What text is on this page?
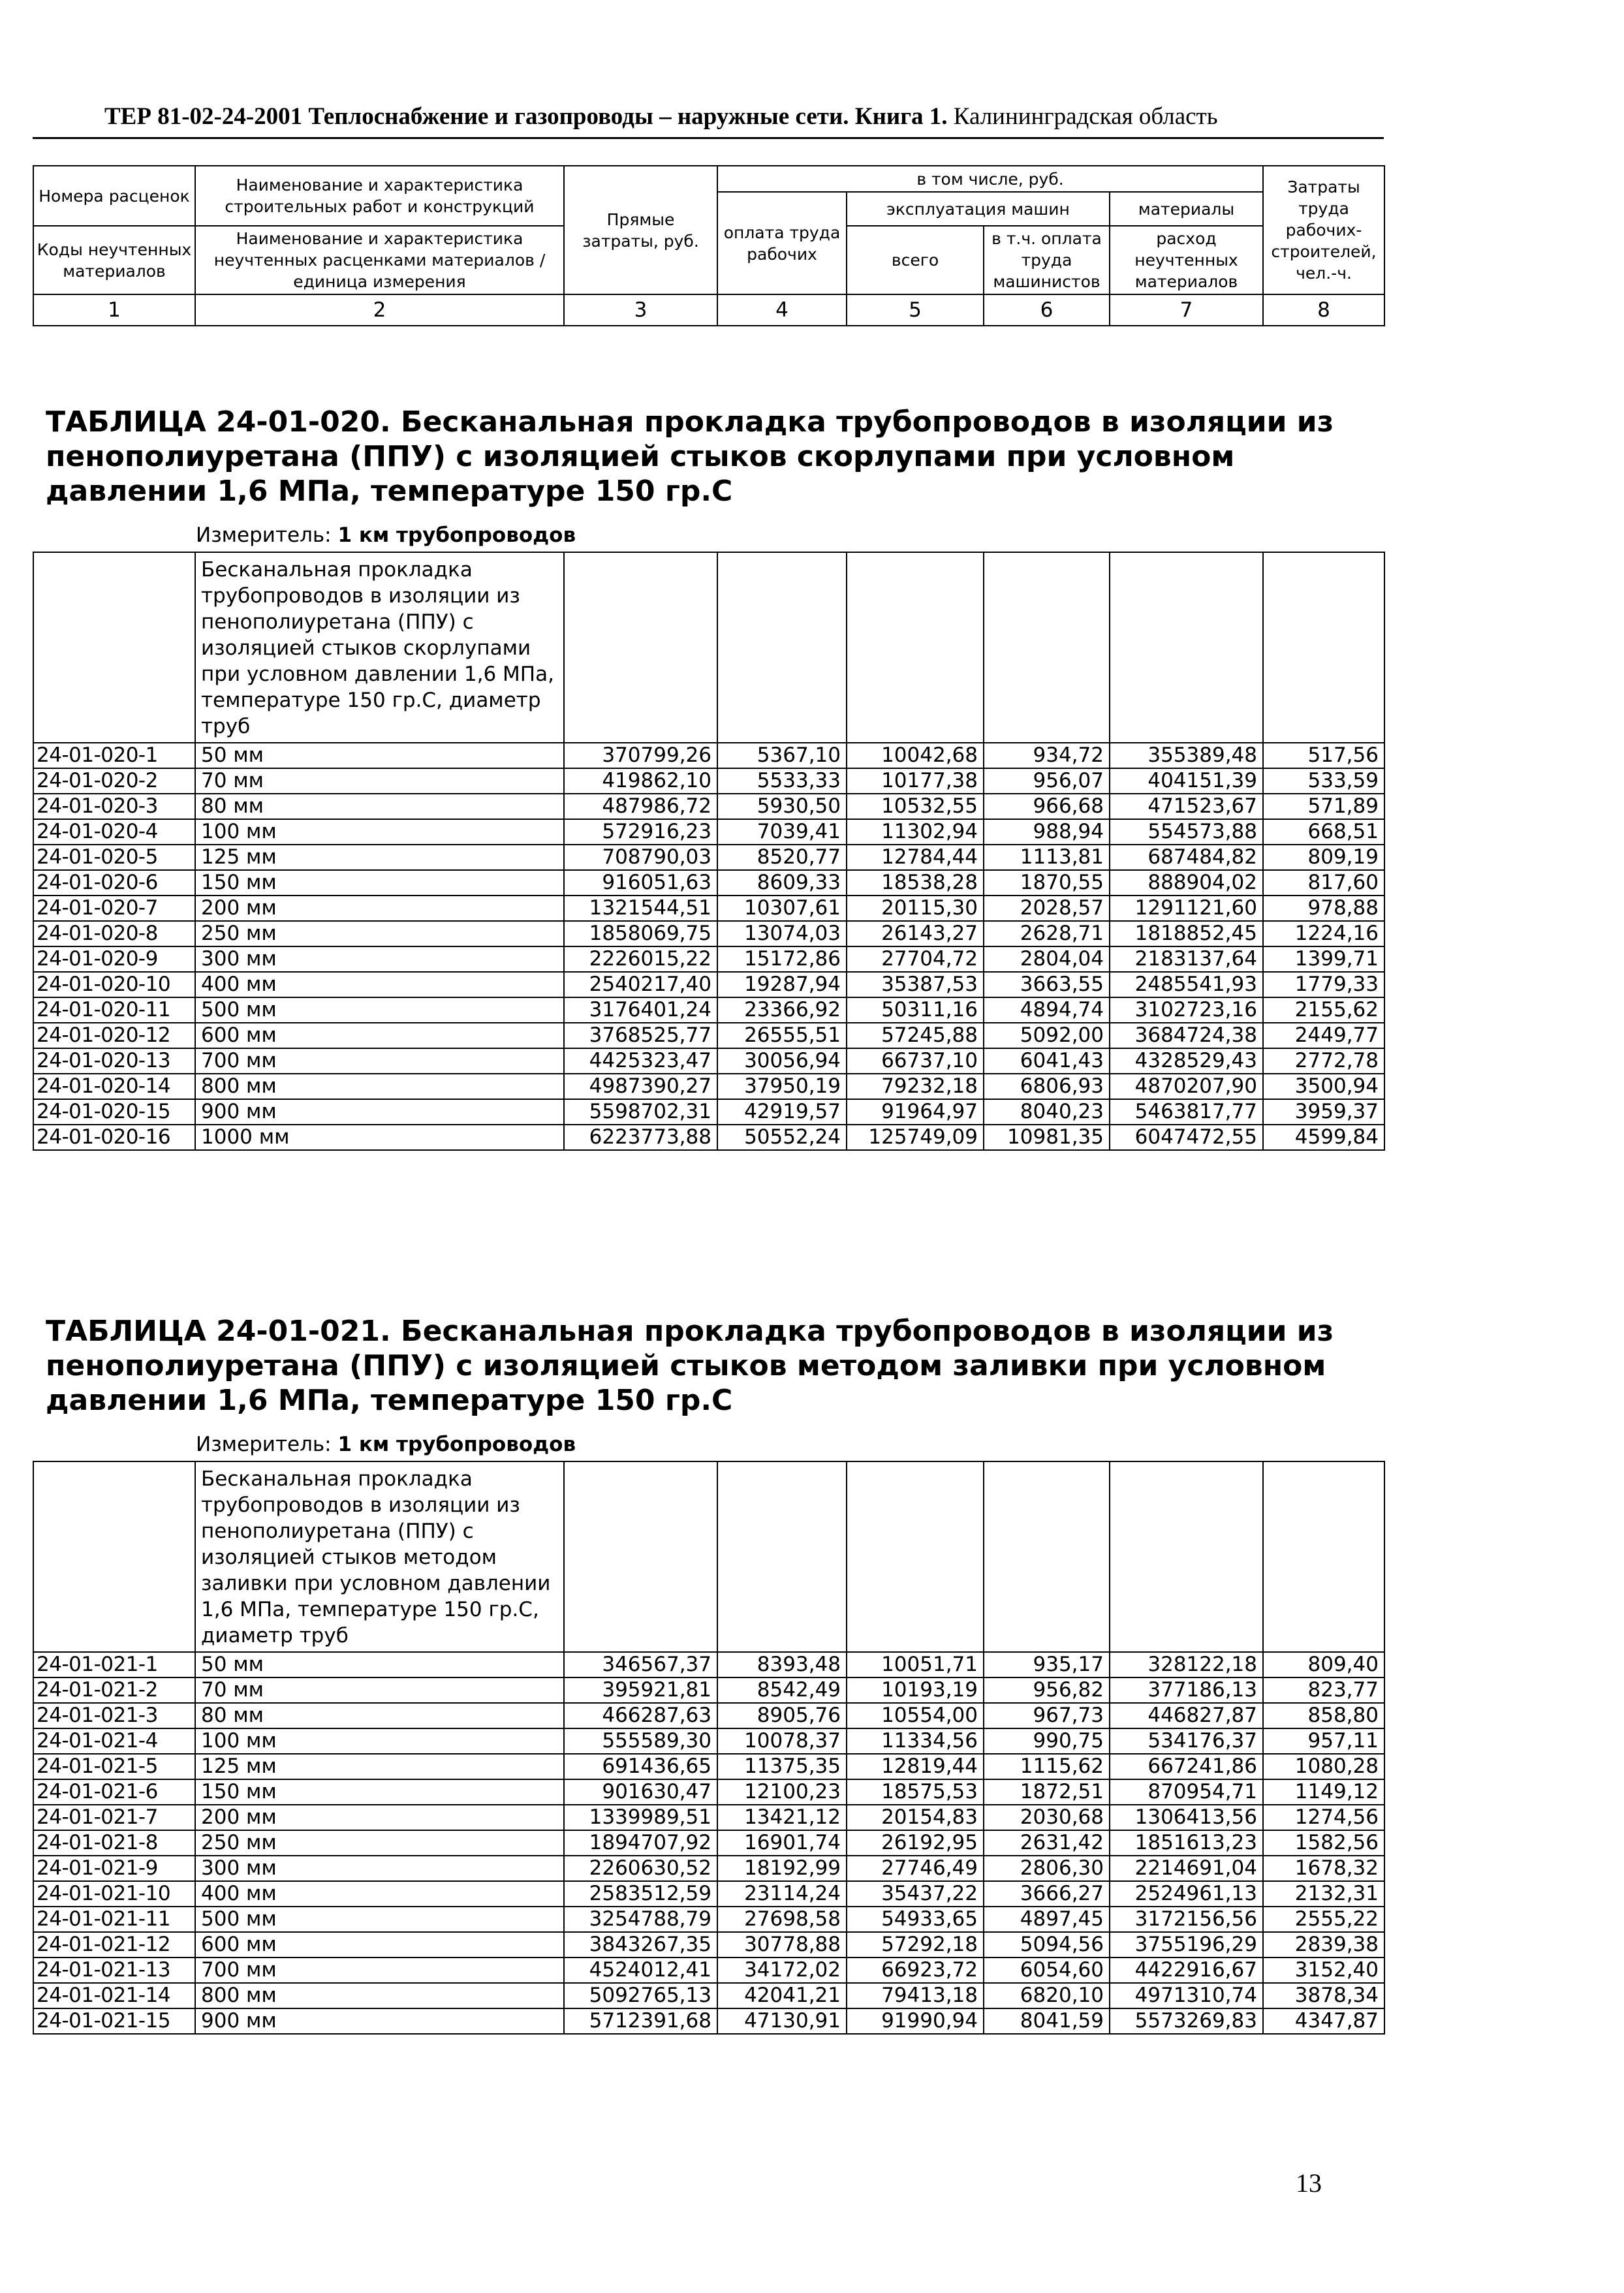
ТЕР 81-02-24-2001 Теплоснабжение и газопроводы – наружные сети. Книга 1. Калининградская область
Номера расценок	Наименование и характеристика строительных работ и конструкций	Прямые затраты, руб.	в том числе, руб.				Затраты труда рабочих-строителей, чел.-ч.
			оплата труда рабочих	эксплуатация машин		материалы	
Коды неучтенных материалов	Наименование и характеристика неучтенных расценками материалов / единица измерения			всего	в т.ч. оплата труда машинистов	расход неучтенных материалов	

1	2	3	4	5	6	7	8
ТАБЛИЦА 24-01-020. Бесканальная прокладка трубопроводов в изоляции из пенополиуретана (ППУ) с изоляцией стыков скорлупами при условном давлении 1,6 МПа, температуре 150 гр.С
Измеритель: 1 км трубопроводов
	Бесканальная прокладка трубопроводов в изоляции из пенополиуретана (ППУ) с изоляцией стыков скорлупами при условном давлении 1,6 МПа, температуре 150 гр.С, диаметр труб						
24-01-020-1	50 мм	370799,26	5367,10	10042,68	934,72	355389,48	517,56
24-01-020-2	70 мм	419862,10	5533,33	10177,38	956,07	404151,39	533,59
24-01-020-3	80 мм	487986,72	5930,50	10532,55	966,68	471523,67	571,89
24-01-020-4	100 мм	572916,23	7039,41	11302,94	988,94	554573,88	668,51
24-01-020-5	125 мм	708790,03	8520,77	12784,44	1113,81	687484,82	809,19
24-01-020-6	150 мм	916051,63	8609,33	18538,28	1870,55	888904,02	817,60
24-01-020-7	200 мм	1321544,51	10307,61	20115,30	2028,57	1291121,60	978,88
24-01-020-8	250 мм	1858069,75	13074,03	26143,27	2628,71	1818852,45	1224,16
24-01-020-9	300 мм	2226015,22	15172,86	27704,72	2804,04	2183137,64	1399,71
24-01-020-10	400 мм	2540217,40	19287,94	35387,53	3663,55	2485541,93	1779,33
24-01-020-11	500 мм	3176401,24	23366,92	50311,16	4894,74	3102723,16	2155,62
24-01-020-12	600 мм	3768525,77	26555,51	57245,88	5092,00	3684724,38	2449,77
24-01-020-13	700 мм	4425323,47	30056,94	66737,10	6041,43	4328529,43	2772,78
24-01-020-14	800 мм	4987390,27	37950,19	79232,18	6806,93	4870207,90	3500,94
24-01-020-15	900 мм	5598702,31	42919,57	91964,97	8040,23	5463817,77	3959,37
24-01-020-16	1000 мм	6223773,88	50552,24	125749,09	10981,35	6047472,55	4599,84
ТАБЛИЦА 24-01-021. Бесканальная прокладка трубопроводов в изоляции из пенополиуретана (ППУ) с изоляцией стыков методом заливки при условном давлении 1,6 МПа, температуре 150 гр.С
Измеритель: 1 км трубопроводов
	Бесканальная прокладка трубопроводов в изоляции из пенополиуретана (ППУ) с изоляцией стыков методом заливки при условном давлении 1,6 МПа, температуре 150 гр.С, диаметр труб						
24-01-021-1	50 мм	346567,37	8393,48	10051,71	935,17	328122,18	809,40
24-01-021-2	70 мм	395921,81	8542,49	10193,19	956,82	377186,13	823,77
24-01-021-3	80 мм	466287,63	8905,76	10554,00	967,73	446827,87	858,80
24-01-021-4	100 мм	555589,30	10078,37	11334,56	990,75	534176,37	957,11
24-01-021-5	125 мм	691436,65	11375,35	12819,44	1115,62	667241,86	1080,28
24-01-021-6	150 мм	901630,47	12100,23	18575,53	1872,51	870954,71	1149,12
24-01-021-7	200 мм	1339989,51	13421,12	20154,83	2030,68	1306413,56	1274,56
24-01-021-8	250 мм	1894707,92	16901,74	26192,95	2631,42	1851613,23	1582,56
24-01-021-9	300 мм	2260630,52	18192,99	27746,49	2806,30	2214691,04	1678,32
24-01-021-10	400 мм	2583512,59	23114,24	35437,22	3666,27	2524961,13	2132,31
24-01-021-11	500 мм	3254788,79	27698,58	54933,65	4897,45	3172156,56	2555,22
24-01-021-12	600 мм	3843267,35	30778,88	57292,18	5094,56	3755196,29	2839,38
24-01-021-13	700 мм	4524012,41	34172,02	66923,72	6054,60	4422916,67	3152,40
24-01-021-14	800 мм	5092765,13	42041,21	79413,18	6820,10	4971310,74	3878,34
24-01-021-15	900 мм	5712391,68	47130,91	91990,94	8041,59	5573269,83	4347,87
13
